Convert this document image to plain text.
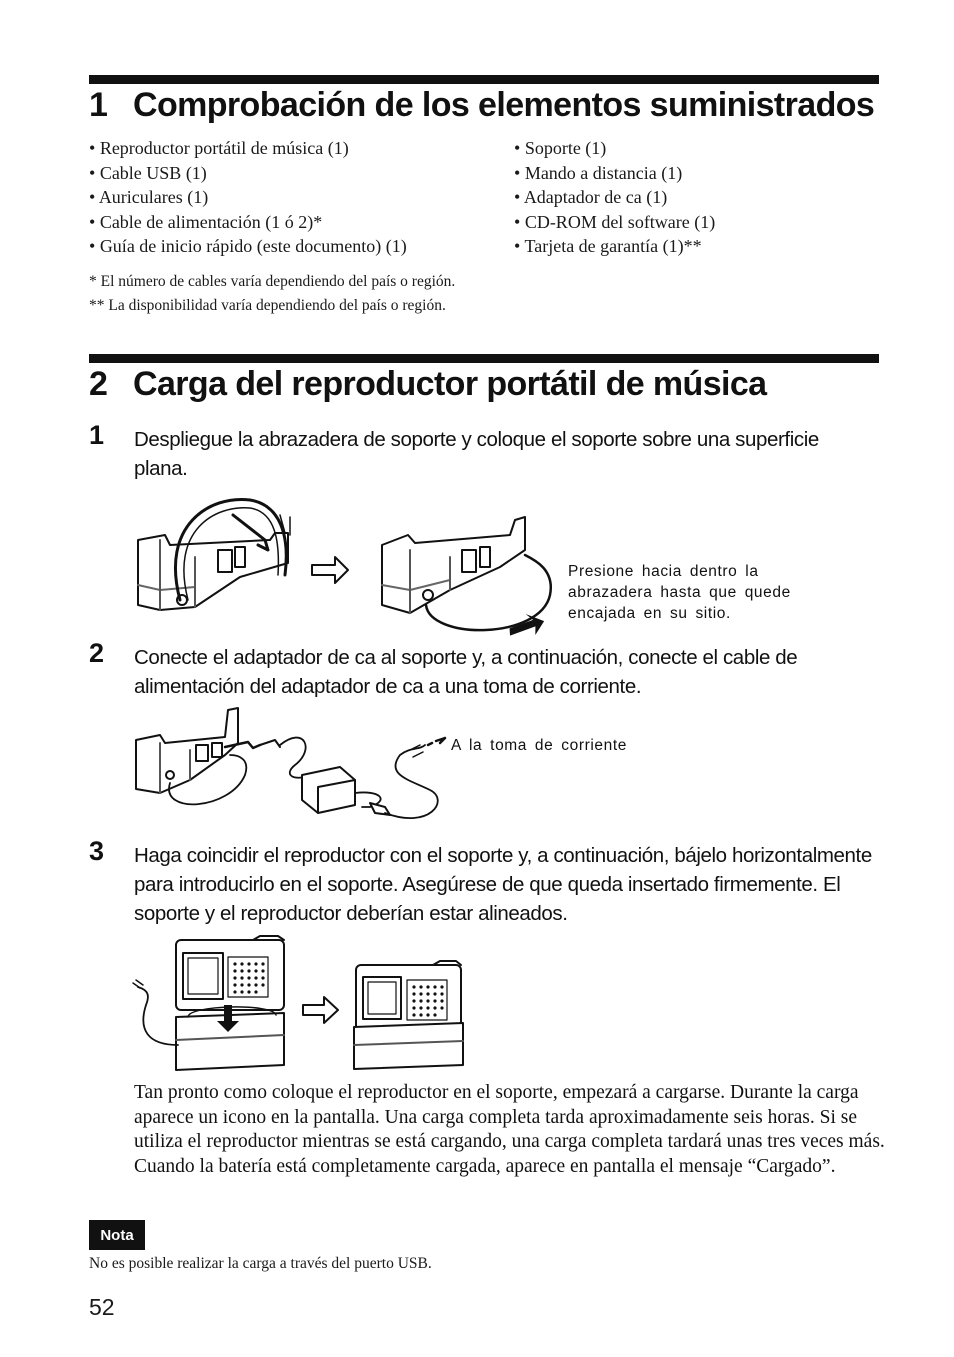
1 Comprobación de los elementos suministrados
• Reproductor portátil de música (1)
• Cable USB (1)
• Auriculares (1)
• Cable de alimentación (1 ó 2)*
• Guía de inicio rápido (este documento) (1)
• Soporte (1)
• Mando a distancia (1)
• Adaptador de ca (1)
• CD-ROM del software (1)
• Tarjeta de garantía (1)**
* El número de cables varía dependiendo del país o región.
** La disponibilidad varía dependiendo del país o región.
2 Carga del reproductor portátil de música
1 Despliegue la abrazadera de soporte y coloque el soporte sobre una superficie plana.

Presione hacia dentro la abrazadera hasta que quede encajada en su sitio.
2 Conecte el adaptador de ca al soporte y, a continuación, conecte el cable de alimentación del adaptador de ca a una toma de corriente.

A la toma de corriente
3 Haga coincidir el reproductor con el soporte y, a continuación, bájelo horizontalmente para introducirlo en el soporte. Asegúrese de que queda insertado firmemente. El soporte y el reproductor deberían estar alineados.

Tan pronto como coloque el reproductor en el soporte, empezará a cargarse. Durante la carga aparece un icono en la pantalla. Una carga completa tarda aproximadamente seis horas. Si se utiliza el reproductor mientras se está cargando, una carga completa tardará unas tres veces más. Cuando la batería está completamente cargada, aparece en pantalla el mensaje “Cargado”.

Nota
No es posible realizar la carga a través del puerto USB.
52
